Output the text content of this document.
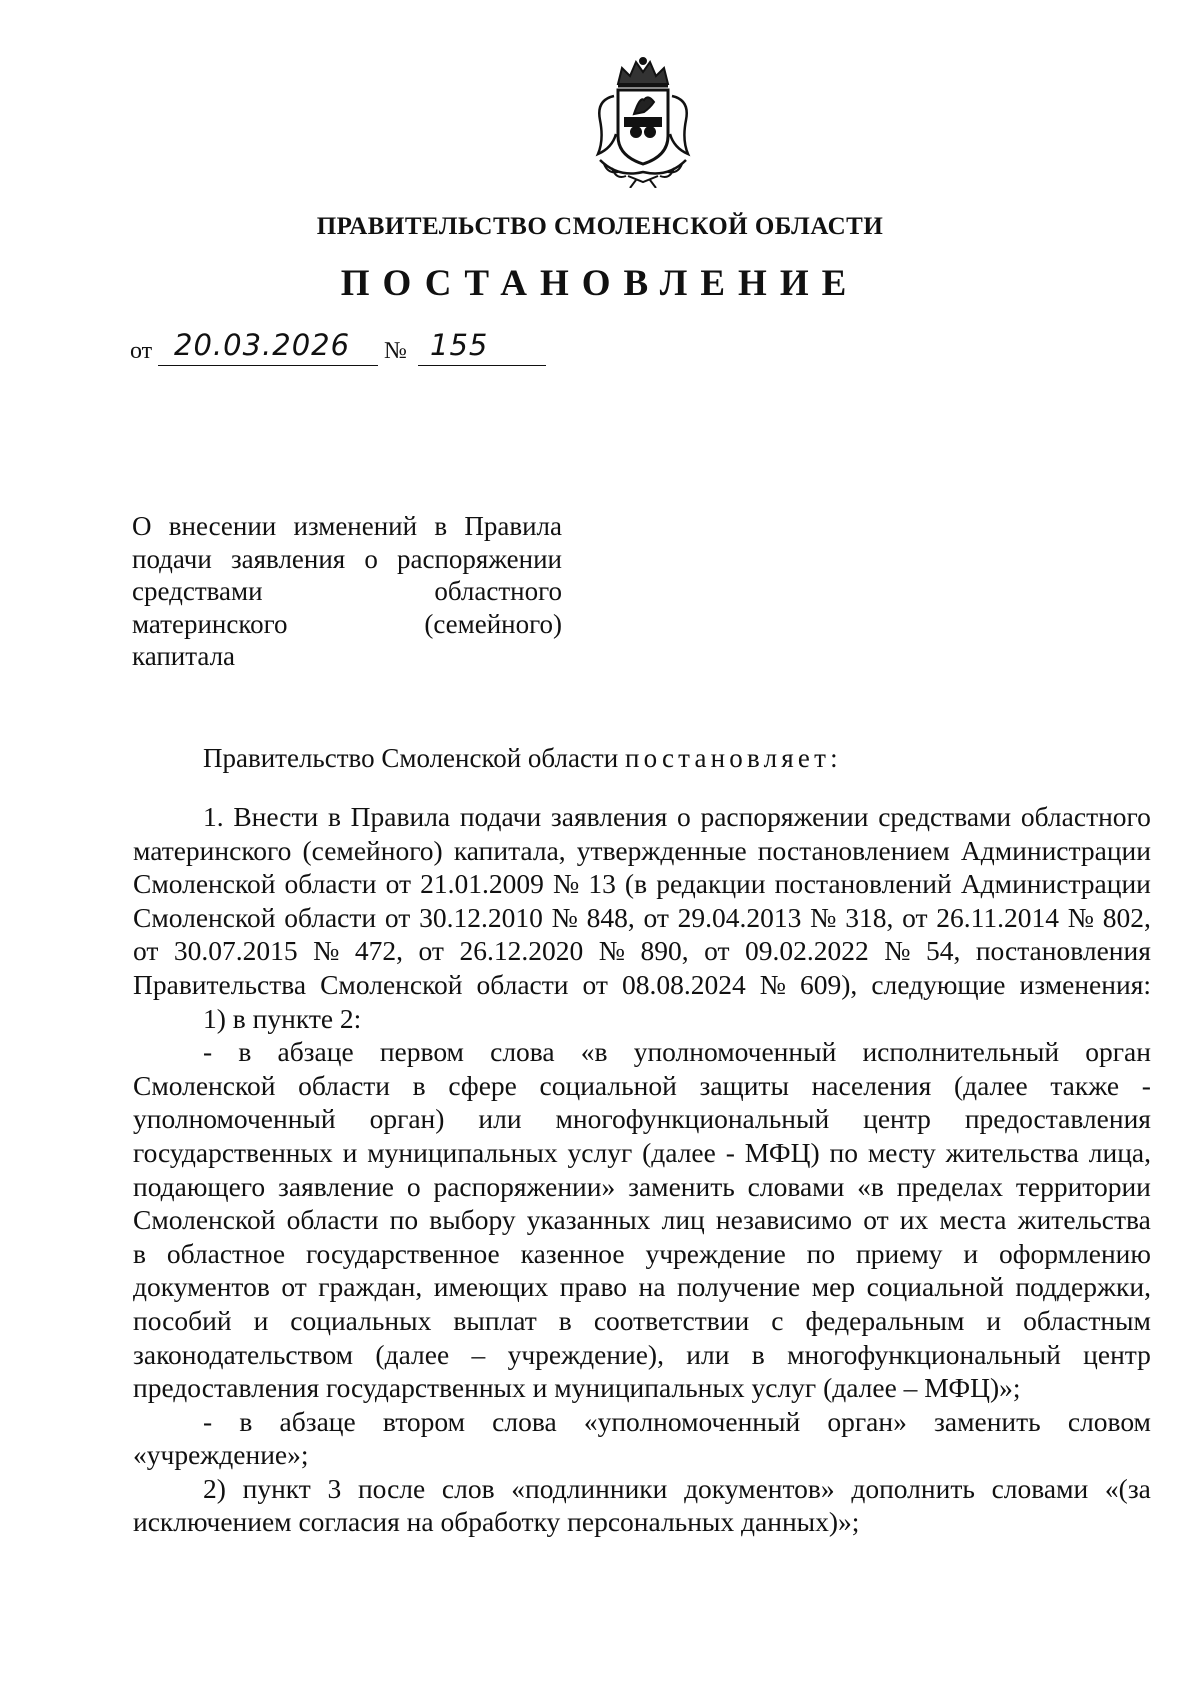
ПРАВИТЕЛЬСТВО СМОЛЕНСКОЙ ОБЛАСТИ
ПОСТАНОВЛЕНИЕ
от 20.03.2026 № 155
О внесении изменений в Правила
подачи заявления о распоряжении
средствами	областного
материнского	(семейного)
капитала
Правительство Смоленской области постановляет:
1. Внести в Правила подачи заявления о распоряжении средствами областного
материнского (семейного) капитала, утвержденные постановлением Администрации
Смоленской области от 21.01.2009 № 13 (в редакции постановлений Администрации
Смоленской области от 30.12.2010 № 848, от 29.04.2013 № 318, от 26.11.2014 № 802,
от 30.07.2015 № 472, от 26.12.2020 № 890, от 09.02.2022 № 54, постановления
Правительства Смоленской области от 08.08.2024 № 609), следующие изменения:
1) в пункте 2:
- в абзаце первом слова «в уполномоченный исполнительный орган
Смоленской области в сфере социальной защиты населения (далее также -
уполномоченный орган) или многофункциональный центр предоставления
государственных и муниципальных услуг (далее - МФЦ) по месту жительства лица,
подающего заявление о распоряжении» заменить словами «в пределах территории
Смоленской области по выбору указанных лиц независимо от их места жительства
в областное государственное казенное учреждение по приему и оформлению
документов от граждан, имеющих право на получение мер социальной поддержки,
пособий и социальных выплат в соответствии с федеральным и областным
законодательством (далее – учреждение), или в многофункциональный центр
предоставления государственных и муниципальных услуг (далее – МФЦ)»;
- в абзаце втором слова «уполномоченный орган» заменить словом
«учреждение»;
2) пункт 3 после слов «подлинники документов» дополнить словами «(за
исключением согласия на обработку персональных данных)»;
